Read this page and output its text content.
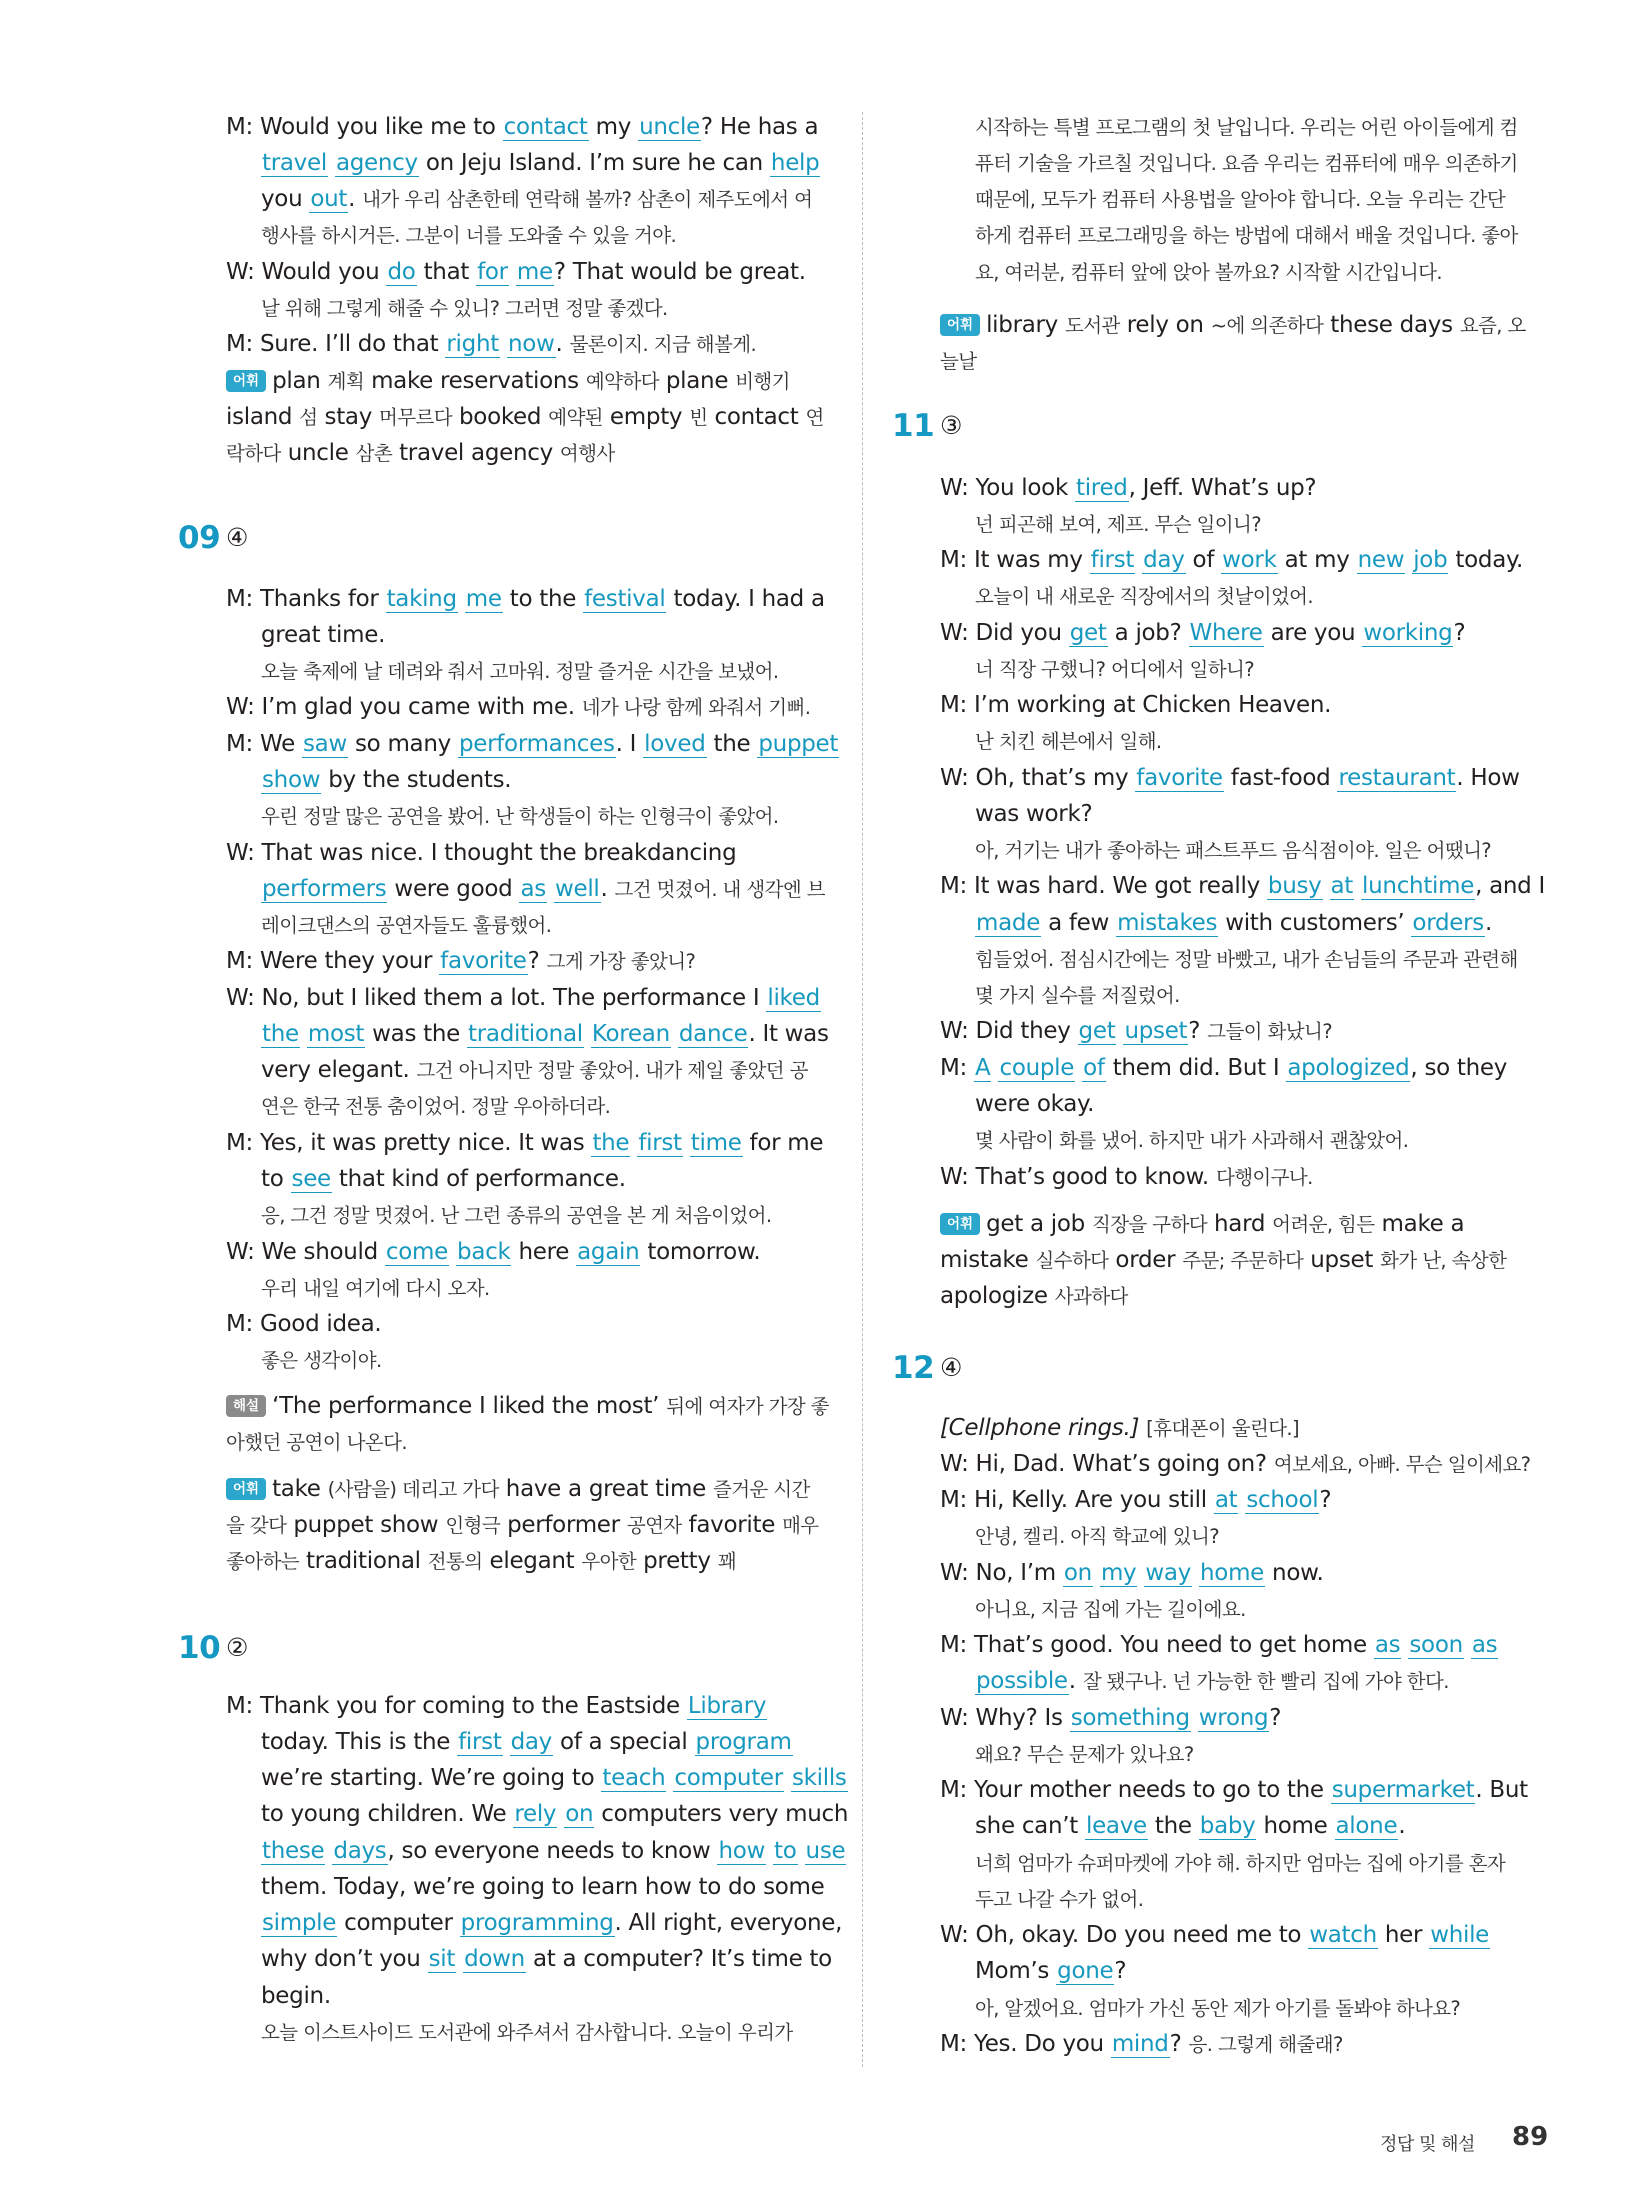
M: Would you like me to contact my uncle? He has a
travel agency on Jeju Island. I’m sure he can help
you out. 내가 우리 삼촌한테 연락해 볼까? 삼촌이 제주도에서 여
행사를 하시거든. 그분이 너를 도와줄 수 있을 거야.
W: Would you do that for me? That would be great.
날 위해 그렇게 해줄 수 있니? 그러면 정말 좋겠다.
M: Sure. I’ll do that right now. 물론이지. 지금 해볼게.
어휘 plan 계획 make reservations 예약하다 plane 비행기
island 섬 stay 머무르다 booked 예약된 empty 빈 contact 연
락하다 uncle 삼촌 travel agency 여행사
M: Thanks for taking me to the festival today. I had a
great time.
오늘 축제에 날 데려와 줘서 고마워. 정말 즐거운 시간을 보냈어.
W: I’m glad you came with me. 네가 나랑 함께 와줘서 기뻐.
M: We saw so many performances. I loved the puppet
show by the students.
우린 정말 많은 공연을 봤어. 난 학생들이 하는 인형극이 좋았어.
W: That was nice. I thought the breakdancing
performers were good as well. 그건 멋졌어. 내 생각엔 브
레이크댄스의 공연자들도 훌륭했어.
M: Were they your favorite? 그게 가장 좋았니?
W: No, but I liked them a lot. The performance I liked
the most was the traditional Korean dance. It was
very elegant. 그건 아니지만 정말 좋았어. 내가 제일 좋았던 공
연은 한국 전통 춤이었어. 정말 우아하더라.
M: Yes, it was pretty nice. It was the first time for me
to see that kind of performance.
응, 그건 정말 멋졌어. 난 그런 종류의 공연을 본 게 처음이었어.
W: We should come back here again tomorrow.
우리 내일 여기에 다시 오자.
M: Good idea.
좋은 생각이야.
해설 ‘The performance I liked the most’ 뒤에 여자가 가장 좋
아했던 공연이 나온다.
어휘 take (사람을) 데리고 가다 have a great time 즐거운 시간
을 갖다 puppet show 인형극 performer 공연자 favorite 매우
좋아하는 traditional 전통의 elegant 우아한 pretty 꽤
M: Thank you for coming to the Eastside Library
today. This is the first day of a special program
we’re starting. We’re going to teach computer skills
to young children. We rely on computers very much
these days, so everyone needs to know how to use
them. Today, we’re going to learn how to do some
simple computer programming. All right, everyone,
why don’t you sit down at a computer? It’s time to
begin.
오늘 이스트사이드 도서관에 와주셔서 감사합니다. 오늘이 우리가
09 ④
10 ②
시작하는 특별 프로그램의 첫 날입니다. 우리는 어린 아이들에게 컴
퓨터 기술을 가르칠 것입니다. 요즘 우리는 컴퓨터에 매우 의존하기
때문에, 모두가 컴퓨터 사용법을 알아야 합니다. 오늘 우리는 간단
하게 컴퓨터 프로그래밍을 하는 방법에 대해서 배울 것입니다. 좋아
요, 여러분, 컴퓨터 앞에 앉아 볼까요? 시작할 시간입니다.
어휘 library 도서관 rely on ~에 의존하다 these days 요즘, 오
늘날
W: You look tired, Jeff. What’s up?
넌 피곤해 보여, 제프. 무슨 일이니?
M: It was my first day of work at my new job today.
오늘이 내 새로운 직장에서의 첫날이었어.
W: Did you get a job? Where are you working?
너 직장 구했니? 어디에서 일하니?
M: I’m working at Chicken Heaven.
난 치킨 헤븐에서 일해.
W: Oh, that’s my favorite fast-food restaurant. How
was work?
아, 거기는 내가 좋아하는 패스트푸드 음식점이야. 일은 어땠니?
M: It was hard. We got really busy at lunchtime, and I
made a few mistakes with customers’ orders.
힘들었어. 점심시간에는 정말 바빴고, 내가 손님들의 주문과 관련해
몇 가지 실수를 저질렀어.
W: Did they get upset? 그들이 화났니?
M: A couple of them did. But I apologized, so they
were okay.
몇 사람이 화를 냈어. 하지만 내가 사과해서 괜찮았어.
W: That’s good to know. 다행이구나.
어휘 get a job 직장을 구하다 hard 어려운, 힘든 make a
mistake 실수하다 order 주문; 주문하다 upset 화가 난, 속상한
apologize 사과하다
[Cellphone rings.] [휴대폰이 울린다.]
W: Hi, Dad. What’s going on? 여보세요, 아빠. 무슨 일이세요?
M: Hi, Kelly. Are you still at school?
안녕, 켈리. 아직 학교에 있니?
W: No, I’m on my way home now.
아니요, 지금 집에 가는 길이에요.
M: That’s good. You need to get home as soon as
possible. 잘 됐구나. 넌 가능한 한 빨리 집에 가야 한다.
W: Why? Is something wrong?
왜요? 무슨 문제가 있나요?
M: Your mother needs to go to the supermarket. But
she can’t leave the baby home alone.
너희 엄마가 슈퍼마켓에 가야 해. 하지만 엄마는 집에 아기를 혼자
두고 나갈 수가 없어.
W: Oh, okay. Do you need me to watch her while
Mom’s gone?
아, 알겠어요. 엄마가 가신 동안 제가 아기를 돌봐야 하나요?
M: Yes. Do you mind? 응. 그렇게 해줄래?
11 ③
12 ④
정답 및 해설 89
